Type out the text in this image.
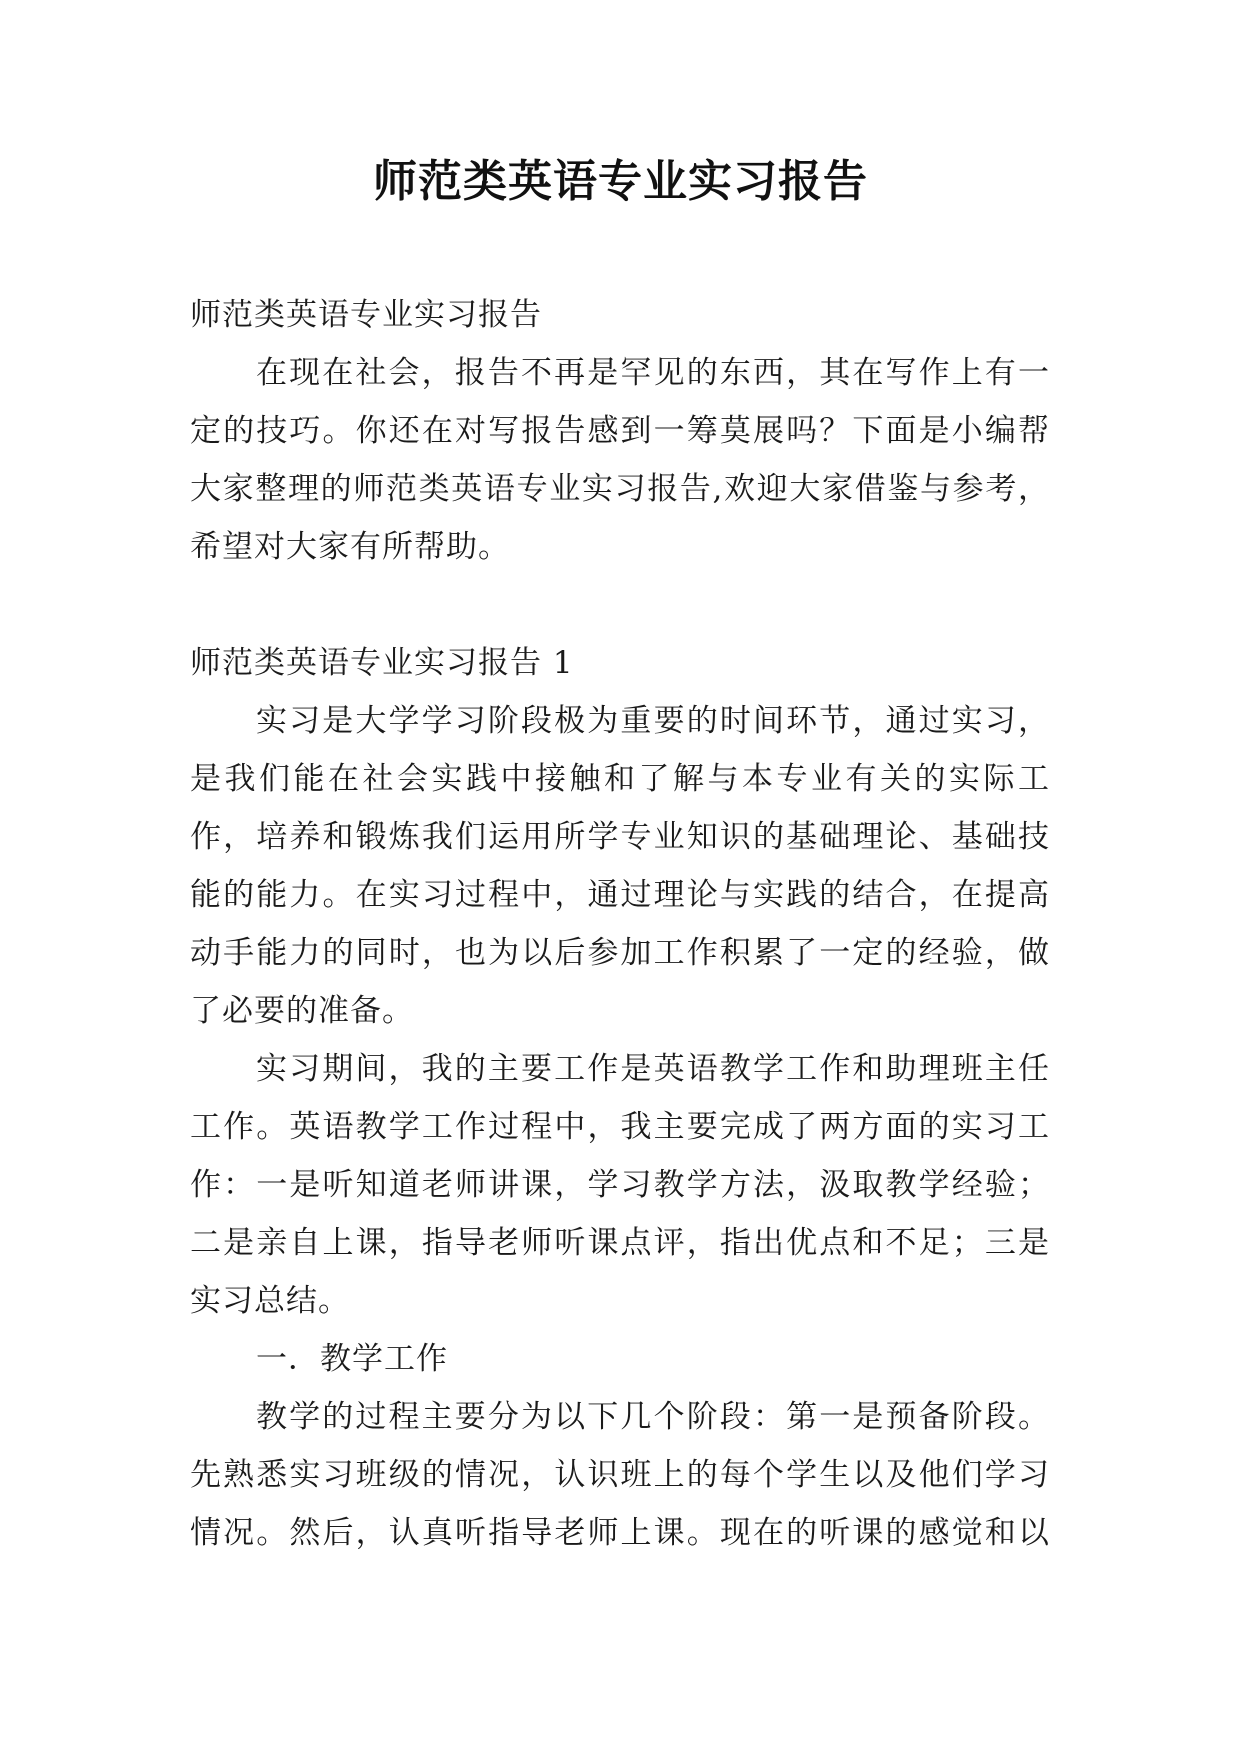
师范类英语专业实习报告
师范类英语专业实习报告
在现在社会，报告不再是罕见的东西，其在写作上有一
定的技巧。你还在对写报告感到一筹莫展吗？下面是小编帮
大家整理的师范类英语专业实习报告,欢迎大家借鉴与参考，
希望对大家有所帮助。
师范类英语专业实习报告 1
实习是大学学习阶段极为重要的时间环节，通过实习，
是我们能在社会实践中接触和了解与本专业有关的实际工
作，培养和锻炼我们运用所学专业知识的基础理论、基础技
能的能力。在实习过程中，通过理论与实践的结合，在提高
动手能力的同时，也为以后参加工作积累了一定的经验，做
了必要的准备。
实习期间，我的主要工作是英语教学工作和助理班主任
工作。英语教学工作过程中，我主要完成了两方面的实习工
作：一是听知道老师讲课，学习教学方法，汲取教学经验；
二是亲自上课，指导老师听课点评，指出优点和不足；三是
实习总结。
一．教学工作
教学的过程主要分为以下几个阶段：第一是预备阶段。
先熟悉实习班级的情况，认识班上的每个学生以及他们学习
情况。然后，认真听指导老师上课。现在的听课的感觉和以
